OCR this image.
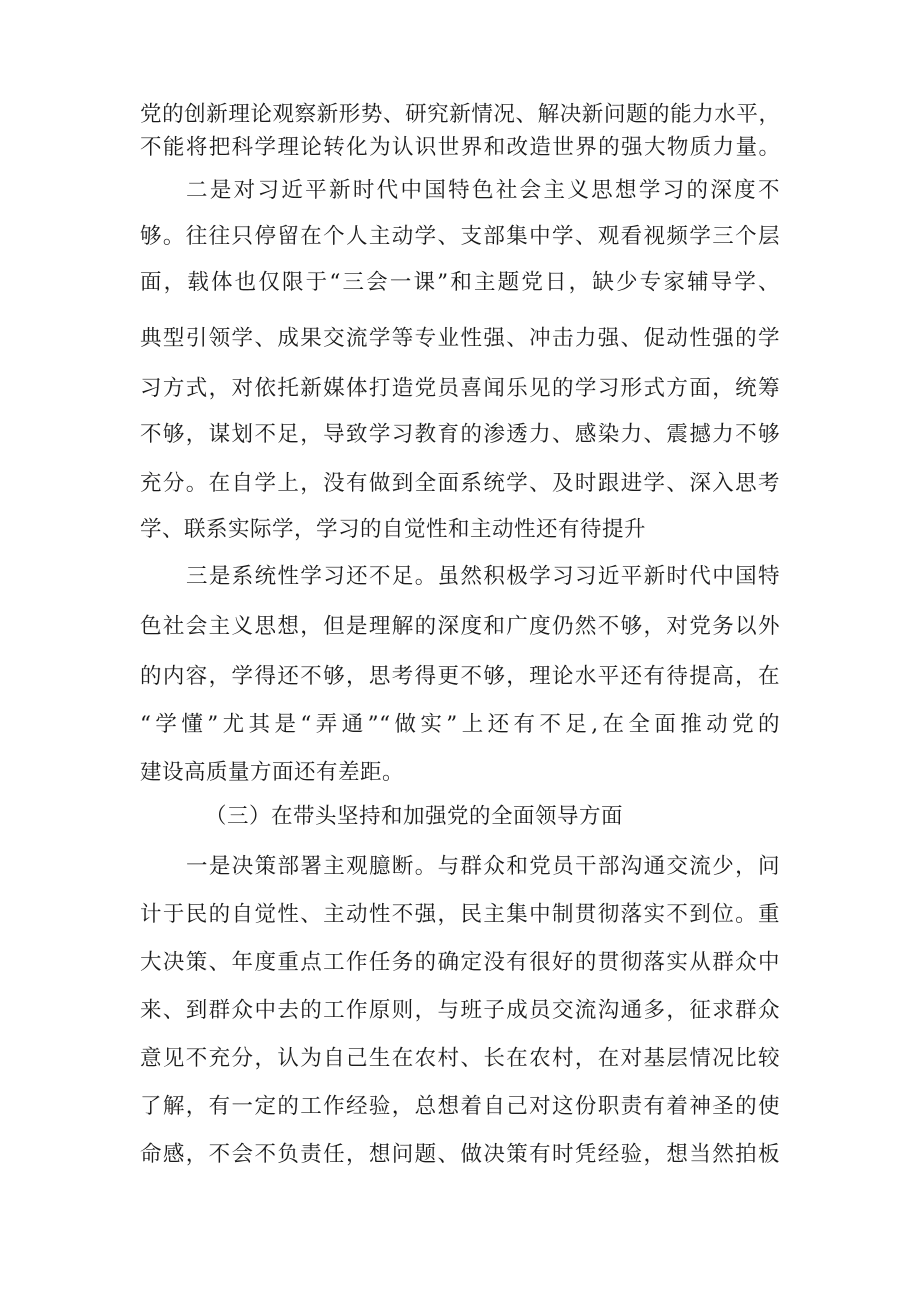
党的创新理论观察新形势、研究新情况、解决新问题的能力水平，
不能将把科学理论转化为认识世界和改造世界的强大物质力量。
二是对习近平新时代中国特色社会主义思想学习的深度不
够。往往只停留在个人主动学、支部集中学、观看视频学三个层
面，载体也仅限于“三会一课”和主题党日，缺少专家辅导学、
典型引领学、成果交流学等专业性强、冲击力强、促动性强的学
习方式，对依托新媒体打造党员喜闻乐见的学习形式方面，统筹
不够，谋划不足，导致学习教育的渗透力、感染力、震撼力不够
充分。在自学上，没有做到全面系统学、及时跟进学、深入思考
学、联系实际学，学习的自觉性和主动性还有待提升
三是系统性学习还不足。虽然积极学习习近平新时代中国特
色社会主义思想，但是理解的深度和广度仍然不够，对党务以外
的内容，学得还不够，思考得更不够，理论水平还有待提高，在
“学懂”尤其是“弄通”“做实”上还有不足,在全面推动党的
建设高质量方面还有差距。
（三）在带头坚持和加强党的全面领导方面
一是决策部署主观臆断。与群众和党员干部沟通交流少，问
计于民的自觉性、主动性不强，民主集中制贯彻落实不到位。重
大决策、年度重点工作任务的确定没有很好的贯彻落实从群众中
来、到群众中去的工作原则，与班子成员交流沟通多，征求群众
意见不充分，认为自己生在农村、长在农村，在对基层情况比较
了解，有一定的工作经验，总想着自己对这份职责有着神圣的使
命感，不会不负责任，想问题、做决策有时凭经验，想当然拍板
